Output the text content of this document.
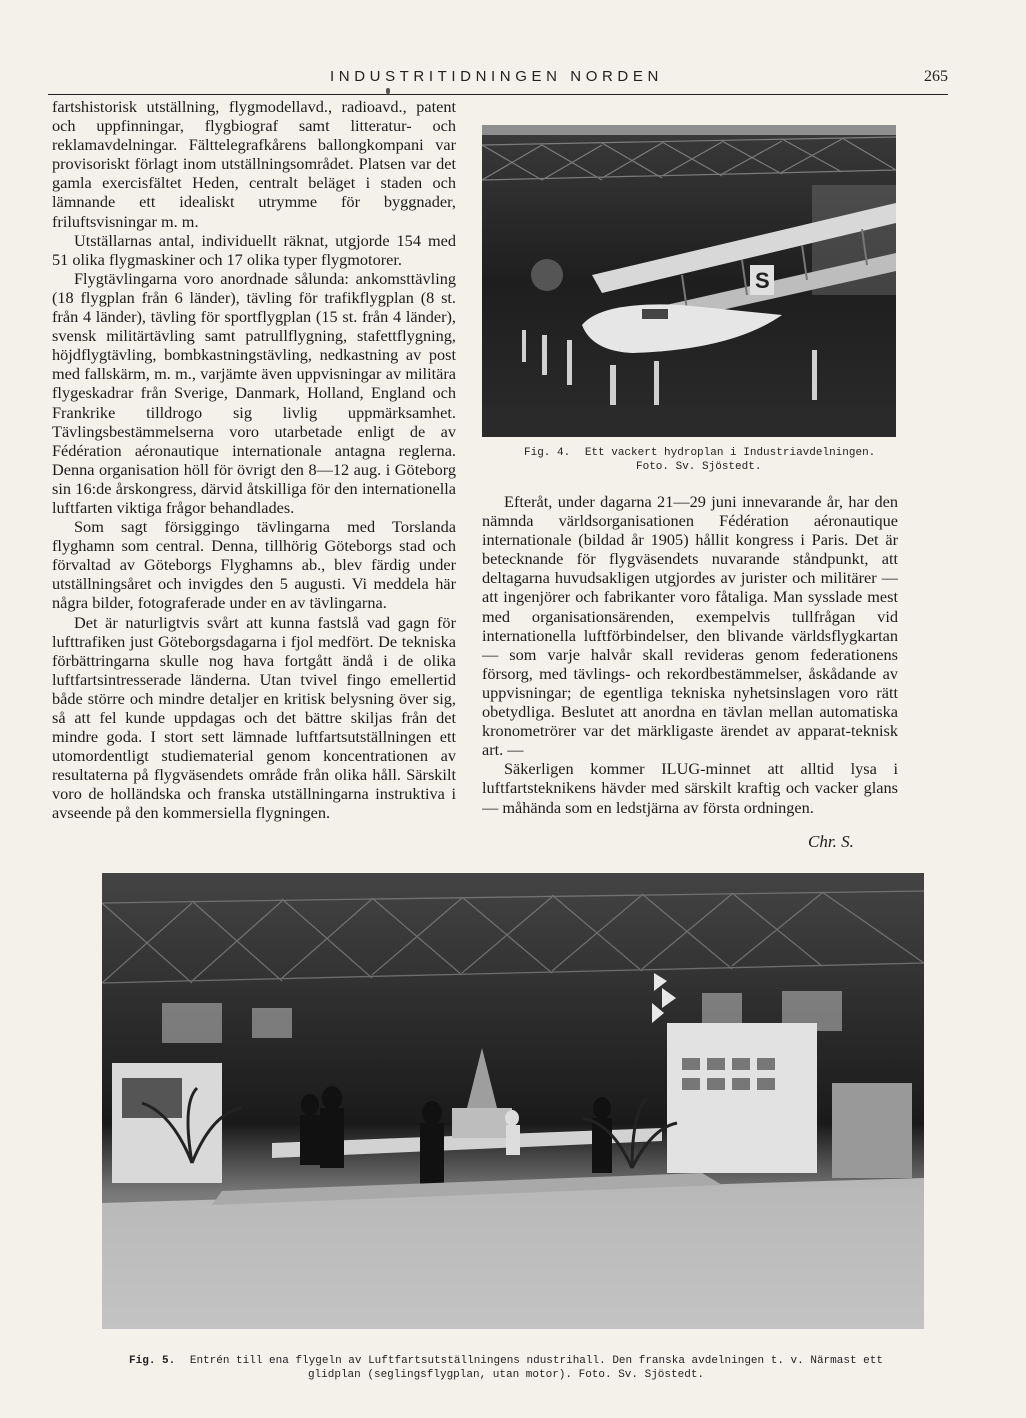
INDUSTRITIDNINGEN NORDEN	265

fartshistorisk utställning, flygmodellavd., radioavd., patent och uppfinningar, flygbiograf samt litteratur- och reklamavdelningar. Fälttelegrafkårens ballongkompani var provisoriskt förlagt inom utställningsområdet. Platsen var det gamla exercisfältet Heden, centralt beläget i staden och lämnande ett idealiskt utrymme för byggnader, friluftsvisningar m. m.

Utställarnas antal, individuellt räknat, utgjorde 154 med 51 olika flygmaskiner och 17 olika typer flygmotorer.

Flygtävlingarna voro anordnade sålunda: ankomsttävling (18 flygplan från 6 länder), tävling för trafikflygplan (8 st. från 4 länder), tävling för sportflygplan (15 st. från 4 länder), svensk militärtävling samt patrullflygning, stafettflygning, höjdflygtävling, bombkastningstävling, nedkastning av post med fallskärm, m. m., varjämte även uppvisningar av militära flygeskadrar från Sverige, Danmark, Holland, England och Frankrike tilldrogo sig livlig uppmärksamhet. Tävlingsbestämmelserna voro utarbetade enligt de av Fédération aéronautique internationale antagna reglerna. Denna organisation höll för övrigt den 8—12 aug. i Göteborg sin 16:de årskongress, därvid åtskilliga för den internationella luftfarten viktiga frågor behandlades.

Som sagt försiggingo tävlingarna med Torslanda flyghamn som central. Denna, tillhörig Göteborgs stad och förvaltad av Göteborgs Flyghamns ab., blev färdig under utställningsåret och invigdes den 5 augusti. Vi meddela här några bilder, fotograferade under en av tävlingarna.

Det är naturligtvis svårt att kunna fastslå vad gagn för lufttrafiken just Göteborgsdagarna i fjol medfört. De tekniska förbättringarna skulle nog hava fortgått ändå i de olika luftfartsintresserade länderna. Utan tvivel fingo emellertid både större och mindre detaljer en kritisk belysning över sig, så att fel kunde uppdagas och det bättre skiljas från det mindre goda. I stort sett lämnade luftfartsutställningen ett utomordentligt studiematerial genom koncentrationen av resultaterna på flygväsendets område från olika håll. Särskilt voro de holländska och franska utställningarna instruktiva i avseende på den kommersiella flygningen.

S
Fig. 4. Ett vackert hydroplan i Industriavdelningen.
Foto. Sv. Sjöstedt.

Efteråt, under dagarna 21—29 juni innevarande år, har den nämnda världsorganisationen Fédération aéronautique internationale (bildad år 1905) hållit kongress i Paris. Det är betecknande för flygväsendets nuvarande ståndpunkt, att deltagarna huvudsakligen utgjordes av jurister och militärer — att ingenjörer och fabrikanter voro fåtaliga. Man sysslade mest med organisationsärenden, exempelvis tullfrågan vid internationella luftförbindelser, den blivande världsflygkartan — som varje halvår skall revideras genom federationens försorg, med tävlings- och rekordbestämmelser, åskådande av uppvisningar; de egentliga tekniska nyhetsinslagen voro rätt obetydliga. Beslutet att anordna en tävlan mellan automatiska kronometrörer var det märkligaste ärendet av apparat-teknisk art. —

Säkerligen kommer ILUG-minnet att alltid lysa i luftfartsteknikens hävder med särskilt kraftig och vacker glans — måhända som en ledstjärna av första ordningen.

Chr. S.
Fig. 5. Entrén till ena flygeln av Luftfartsutställningens ndustrihall. Den franska avdelningen t. v. Närmast ett glidplan (seglingsflygplan, utan motor). Foto. Sv. Sjöstedt.
